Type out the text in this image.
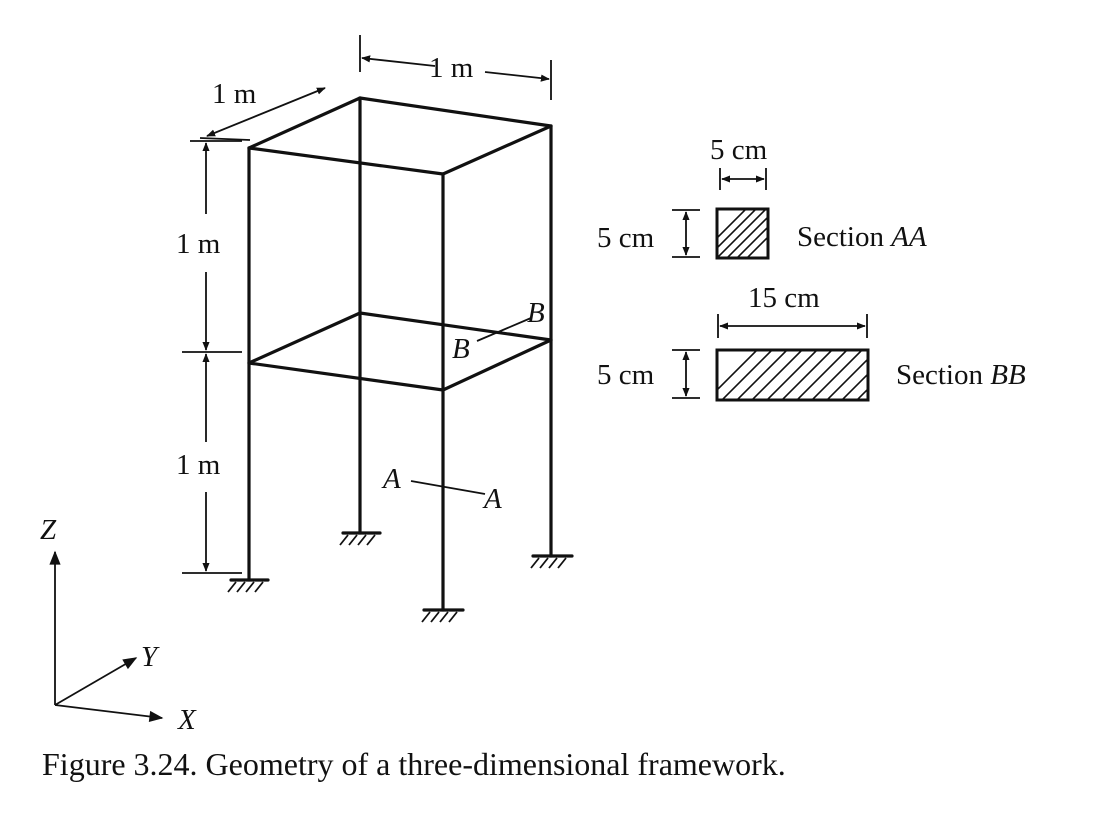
1 m
1 m
1 m
1 m
B
B
A
A
5 cm
5 cm	Section AA
15 cm
5 cm	Section BB
Z
Y
X
Figure 3.24. Geometry of a three-dimensional framework.
